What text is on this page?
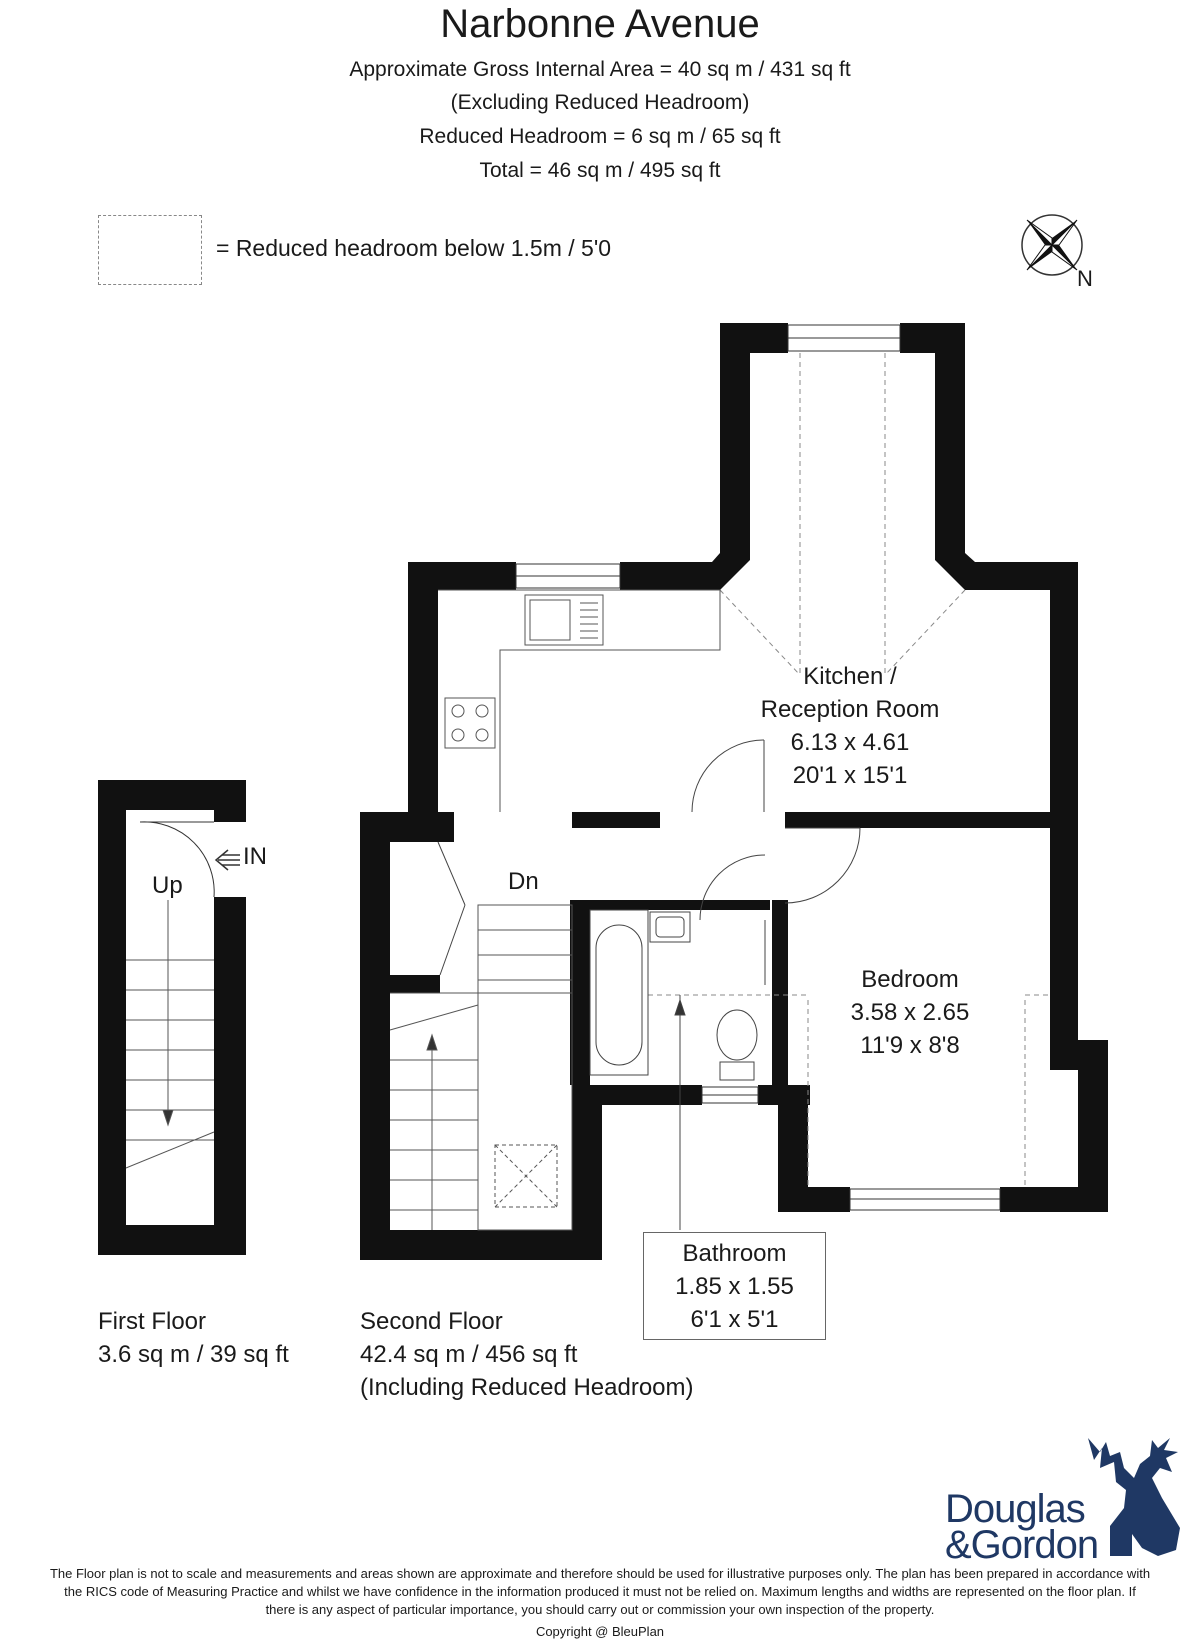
Narbonne Avenue
Approximate Gross Internal Area = 40 sq m / 431 sq ft
(Excluding Reduced Headroom)
Reduced Headroom = 6 sq m / 65 sq ft
Total = 46 sq m / 495 sq ft
= Reduced headroom below 1.5m / 5'0
N
Kitchen /
Reception Room
6.13 x 4.61
20'1 x 15'1
Bedroom
3.58 x 2.65
11'9 x 8'8
Bathroom
1.85 x 1.55
6'1 x 5'1
Up
IN
Dn
First Floor
3.6 sq m / 39 sq ft
Second Floor
42.4 sq m / 456 sq ft
(Including Reduced Headroom)
Douglas
&Gordon
The Floor plan is not to scale and measurements and areas shown are approximate and therefore should be used for illustrative purposes only. The plan has been prepared in accordance with
the RICS code of Measuring Practice and whilst we have confidence in the information produced it must not be relied on. Maximum lengths and widths are represented on the floor plan. If
there is any aspect of particular importance, you should carry out or commission your own inspection of the property.
Copyright @ BleuPlan
